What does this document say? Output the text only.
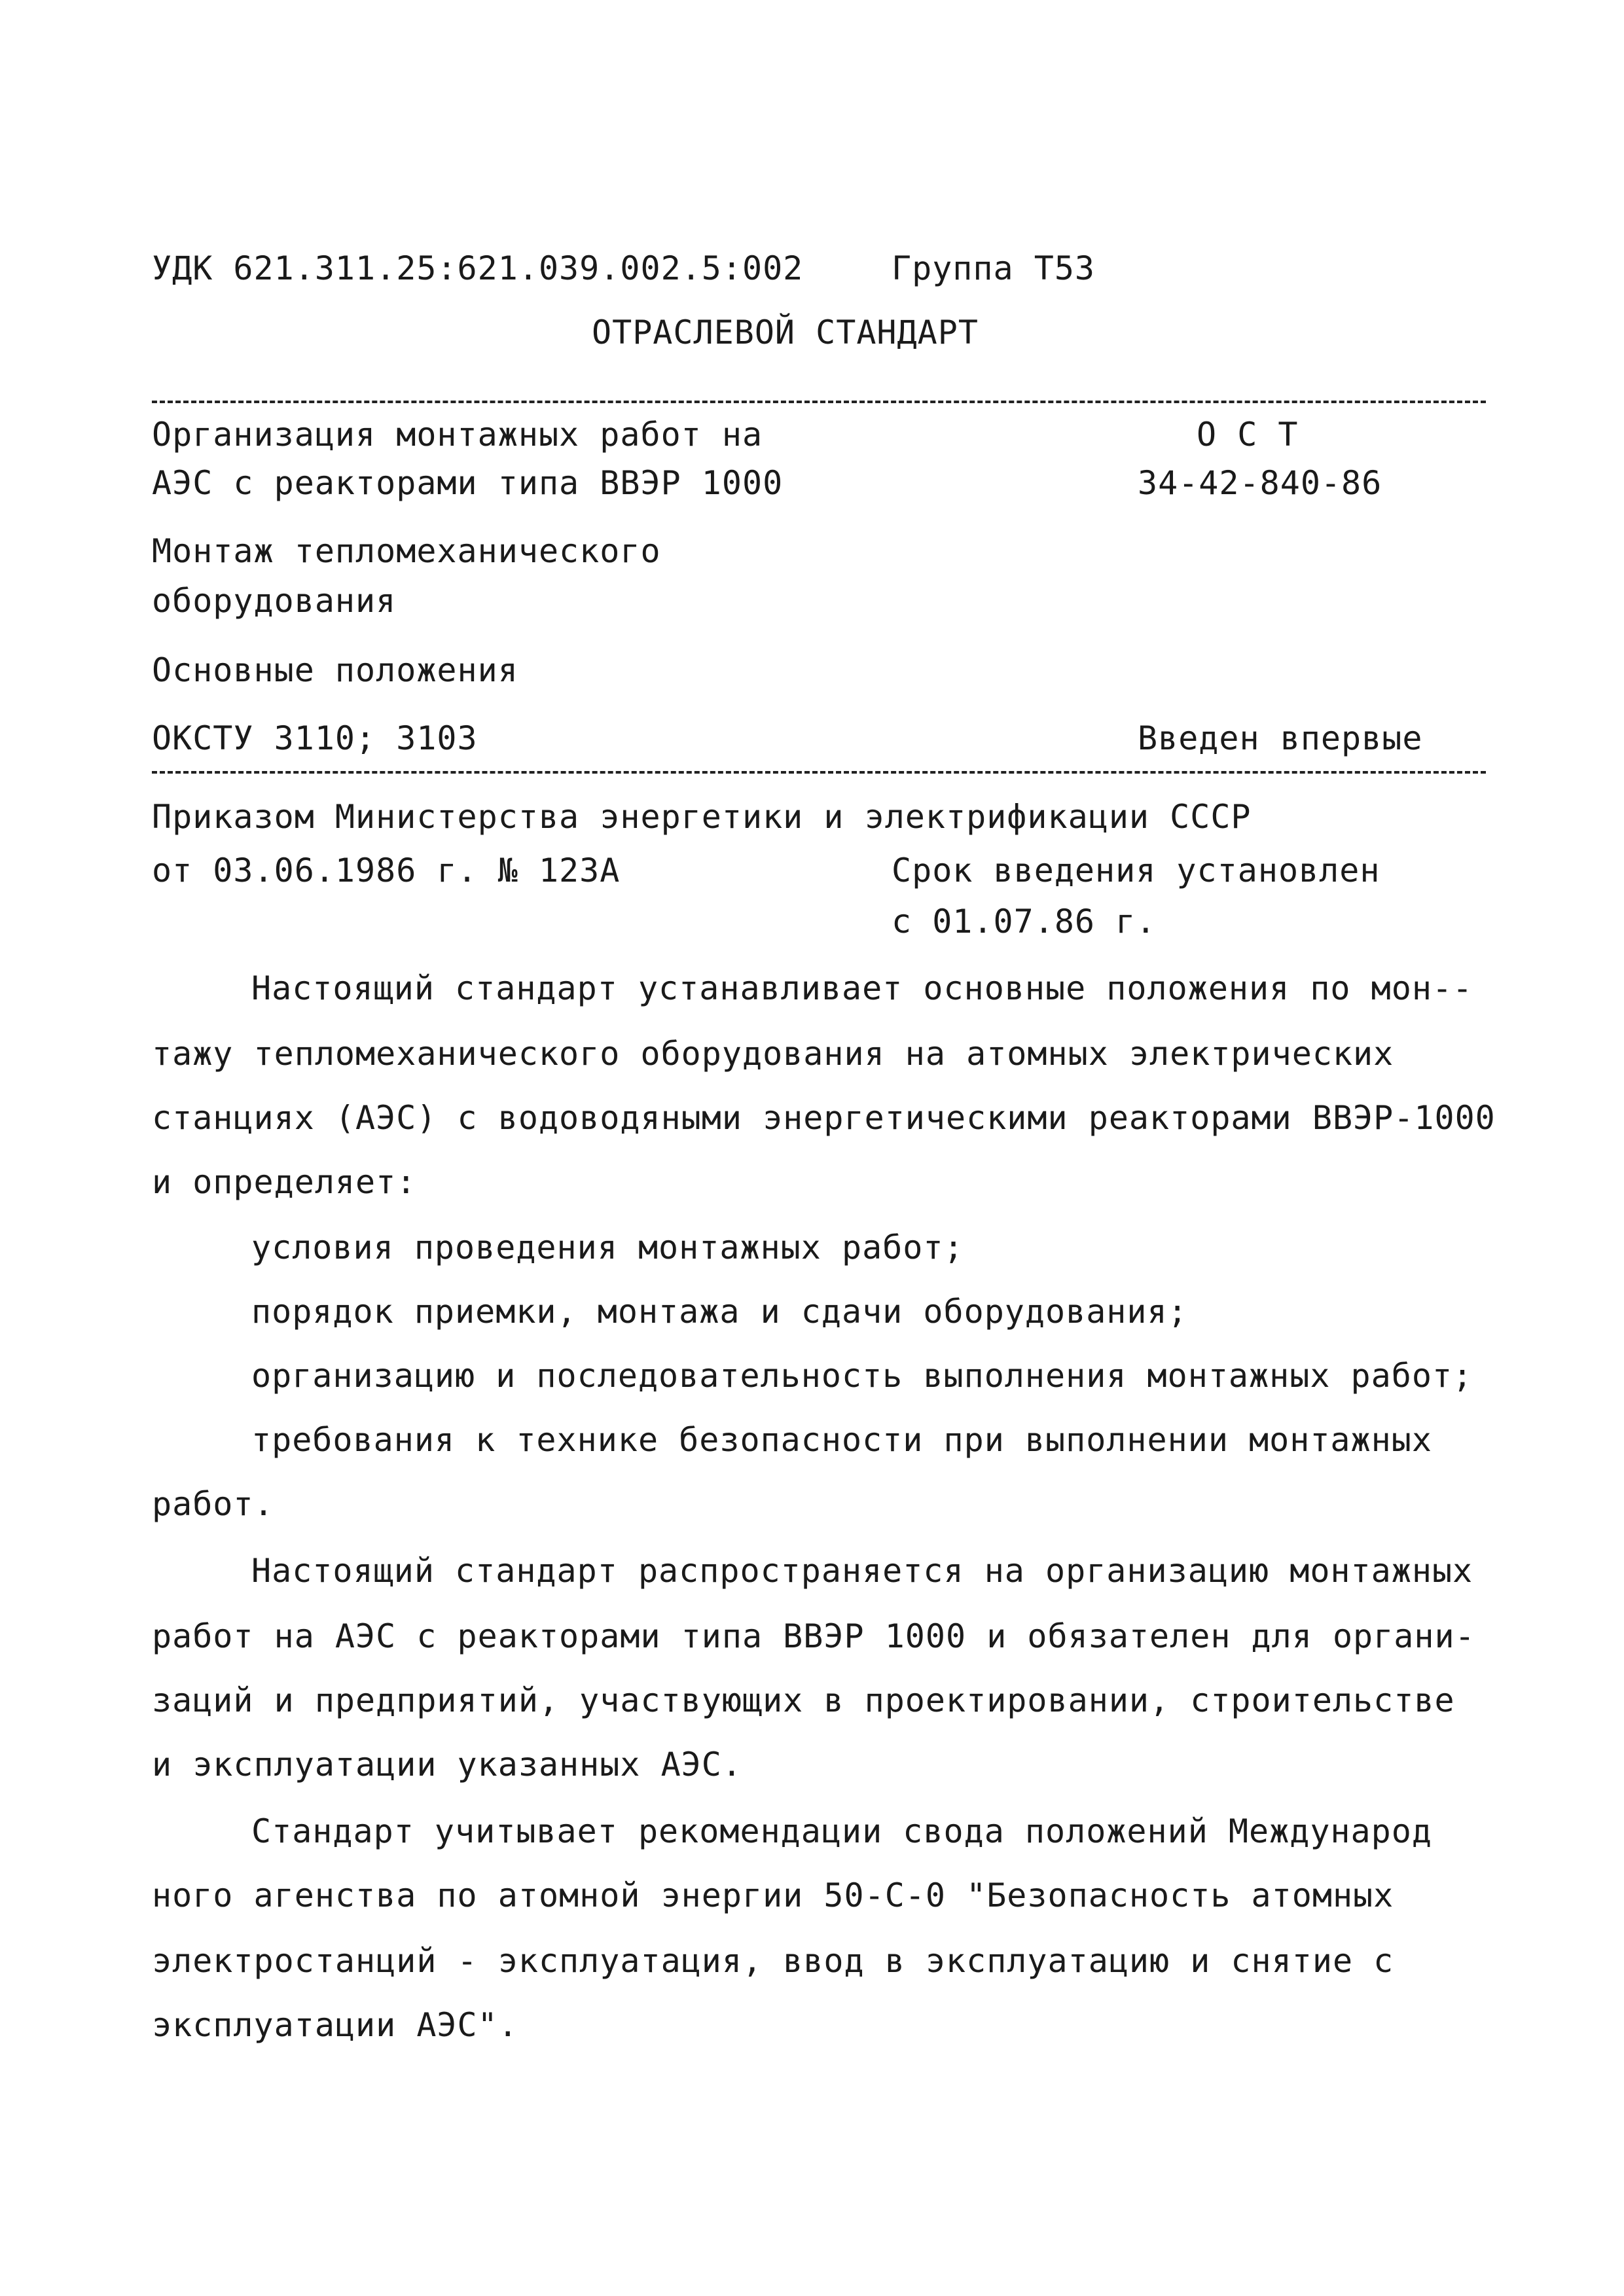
УДК 621.311.25:621.039.002.5:002	Группа Т53
ОТРАСЛЕВОЙ СТАНДАРТ
Организация монтажных работ на
АЭС с реакторами типа ВВЭР 1000
О С Т
34-42-840-86
Монтаж тепломеханического
оборудования
Основные положения
ОКСТУ 3110; 3103	Введен впервые
Приказом Министерства энергетики и электрификации СССР
от 03.06.1986 г. № 123А	Срок введения установлен
с 01.07.86 г.
Настоящий стандарт устанавливает основные положения по мон--
тажу тепломеханического оборудования на атомных электрических
станциях (АЭС) с водоводяными энергетическими реакторами ВВЭР-1000
и определяет:
условия проведения монтажных работ;
порядок приемки, монтажа и сдачи оборудования;
организацию и последовательность выполнения монтажных работ;
требования к технике безопасности при выполнении монтажных
работ.
Настоящий стандарт распространяется на организацию монтажных
работ на АЭС с реакторами типа ВВЭР 1000 и обязателен для органи-
заций и предприятий, участвующих в проектировании, строительстве
и эксплуатации указанных АЭС.
Стандарт учитывает рекомендации свода положений Международ
ного агенства по атомной энергии 50-С-0 "Безопасность атомных
электростанций - эксплуатация, ввод в эксплуатацию и снятие с
эксплуатации АЭС".
